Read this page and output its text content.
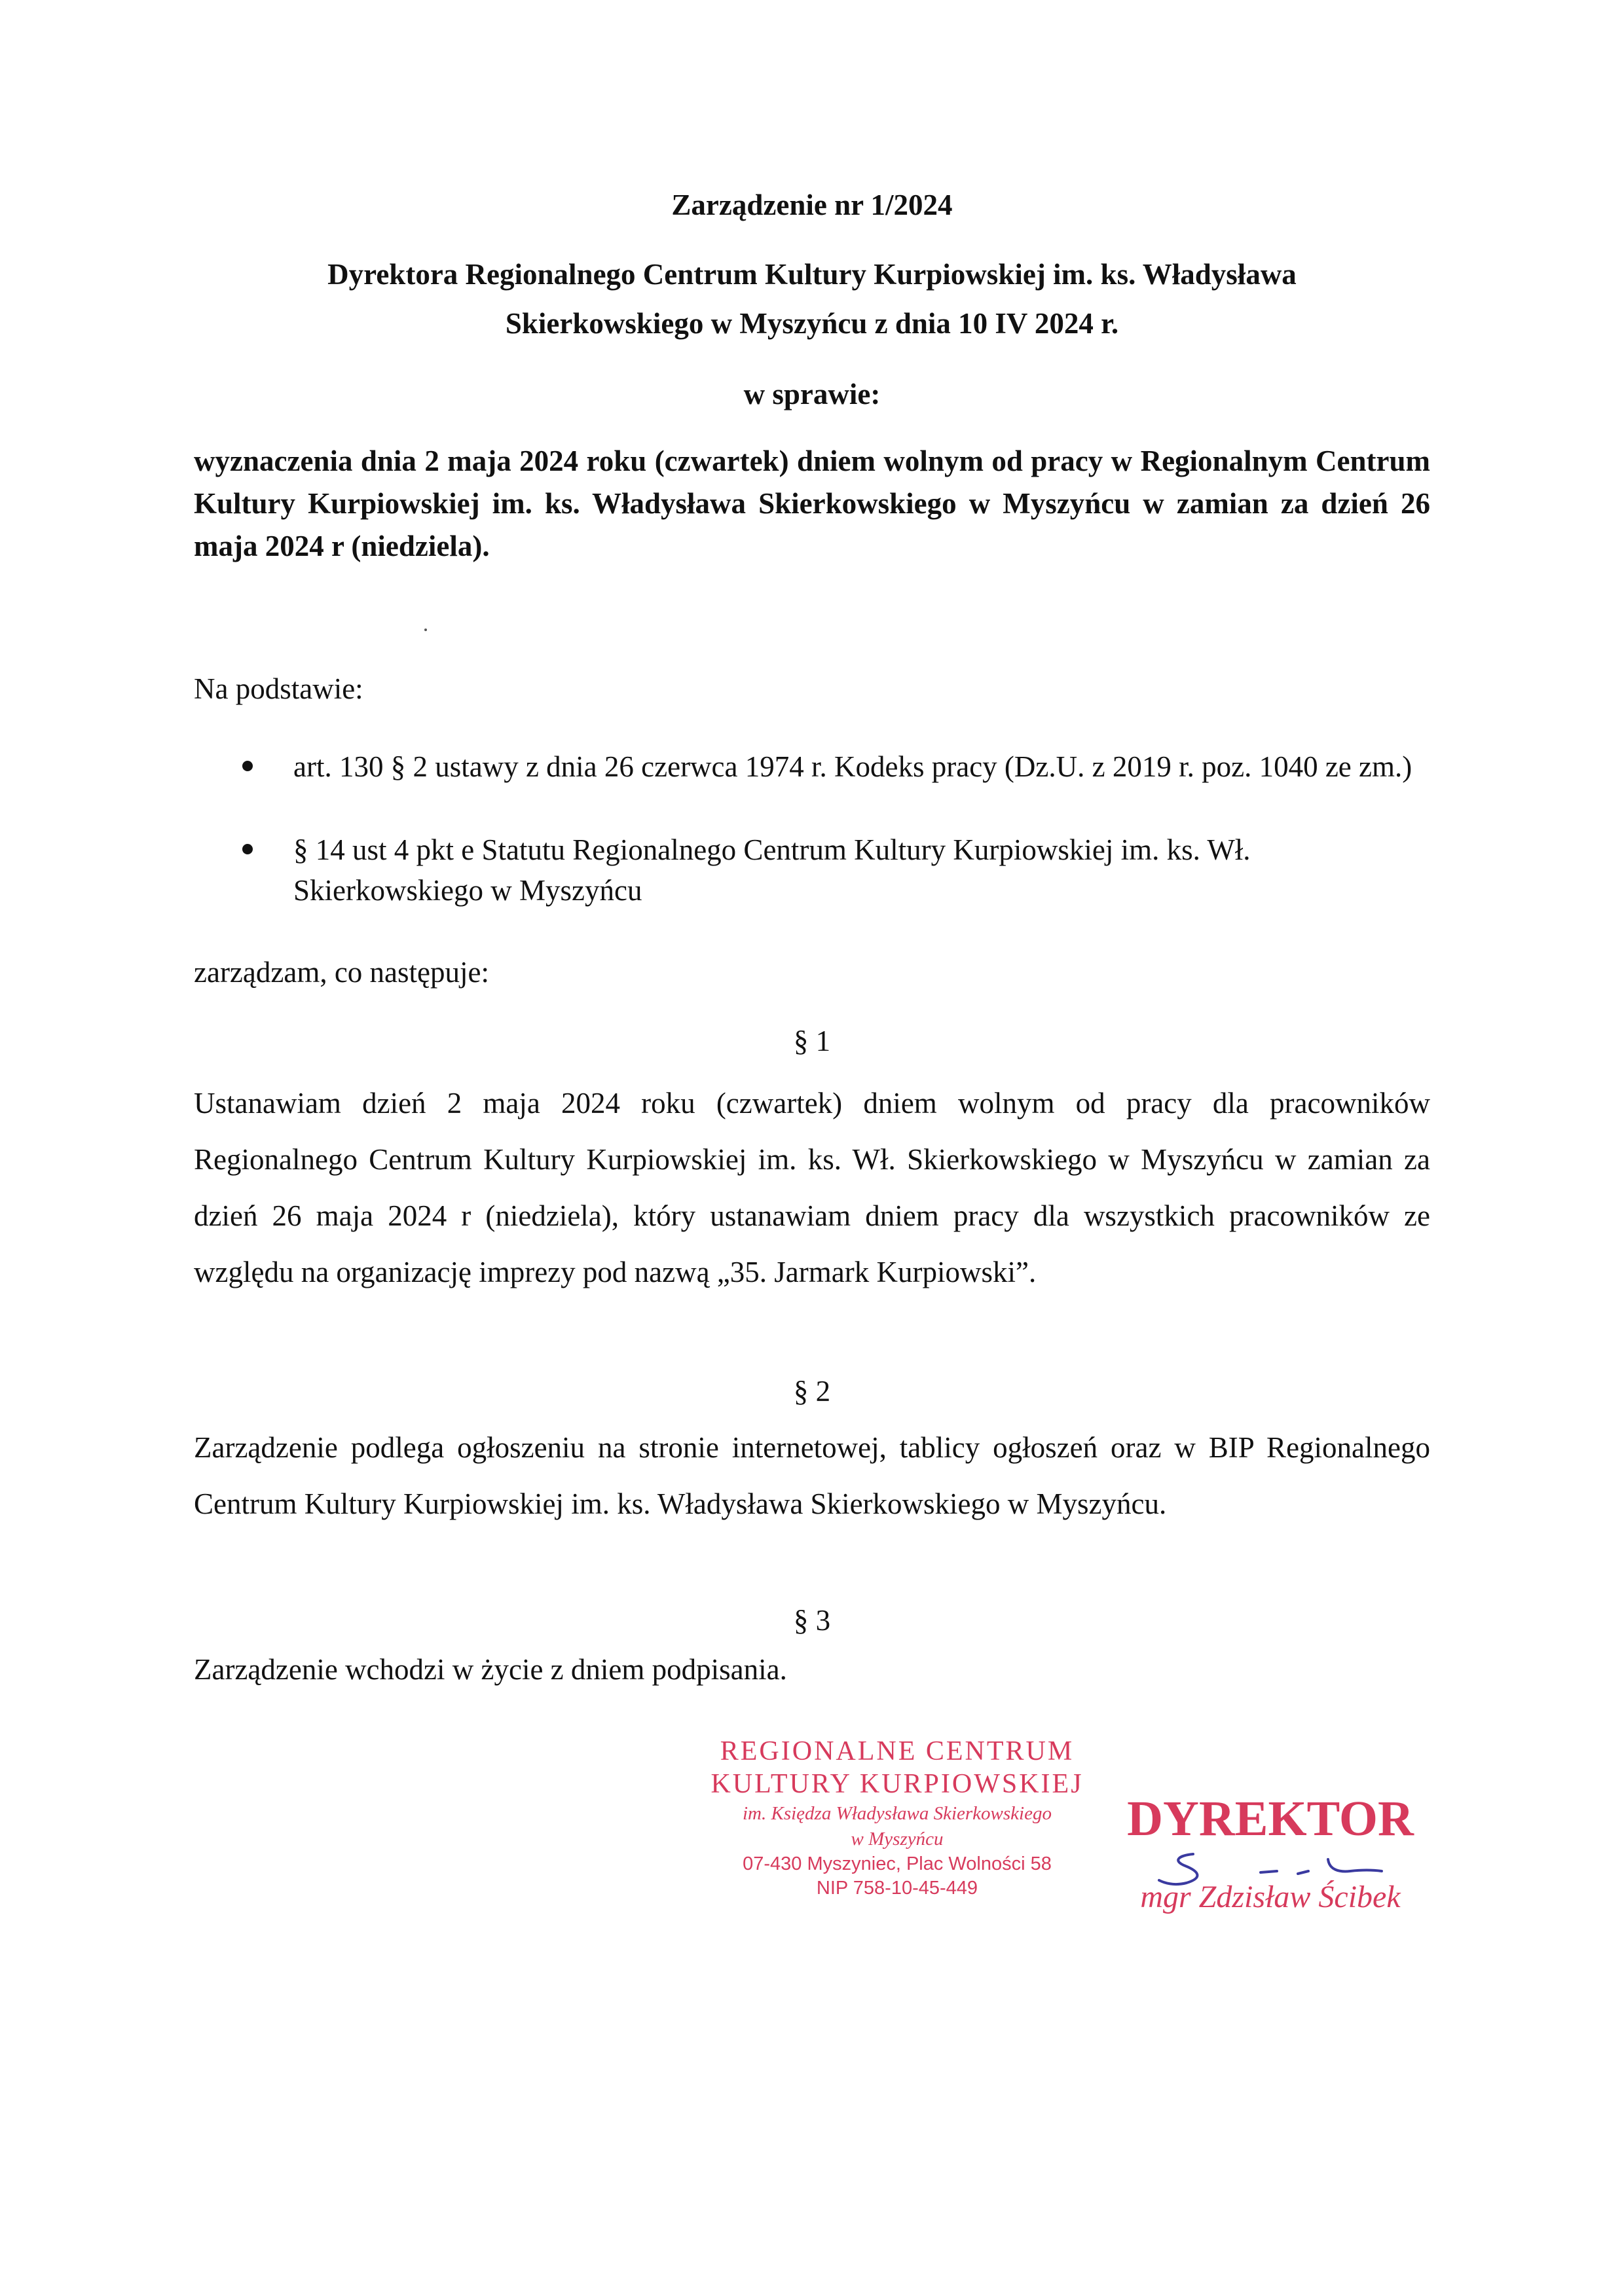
Zarządzenie nr 1/2024
Dyrektora Regionalnego Centrum Kultury Kurpiowskiej im. ks. Władysława
Skierkowskiego w Myszyńcu z dnia 10 IV 2024 r.
w sprawie:
wyznaczenia dnia 2 maja 2024 roku (czwartek) dniem wolnym od pracy w Regionalnym Centrum Kultury Kurpiowskiej im. ks. Władysława Skierkowskiego w Myszyńcu w zamian za dzień 26 maja 2024 r (niedziela).
Na podstawie:
art. 130 § 2 ustawy z dnia 26 czerwca 1974 r. Kodeks pracy (Dz.U. z 2019 r. poz. 1040 ze zm.)
§ 14 ust 4 pkt e Statutu Regionalnego Centrum Kultury Kurpiowskiej im. ks. Wł. Skierkowskiego w Myszyńcu
zarządzam, co następuje:
§ 1
Ustanawiam dzień 2 maja 2024 roku (czwartek) dniem wolnym od pracy dla pracowników Regionalnego Centrum Kultury Kurpiowskiej im. ks. Wł. Skierkowskiego w Myszyńcu w zamian za dzień 26 maja 2024 r (niedziela), który ustanawiam dniem pracy dla wszystkich pracowników ze względu na organizację imprezy pod nazwą „35. Jarmark Kurpiowski”.
§ 2
Zarządzenie podlega ogłoszeniu na stronie internetowej, tablicy ogłoszeń oraz w BIP Regionalnego Centrum Kultury Kurpiowskiej im. ks. Władysława Skierkowskiego w Myszyńcu.
§ 3
Zarządzenie wchodzi w życie z dniem podpisania.
REGIONALNE CENTRUM
KULTURY KURPIOWSKIEJ
im. Księdza Władysława Skierkowskiego
w Myszyńcu
07-430 Myszyniec, Plac Wolności 58
NIP 758-10-45-449
DYREKTOR
mgr Zdzisław Ścibek
